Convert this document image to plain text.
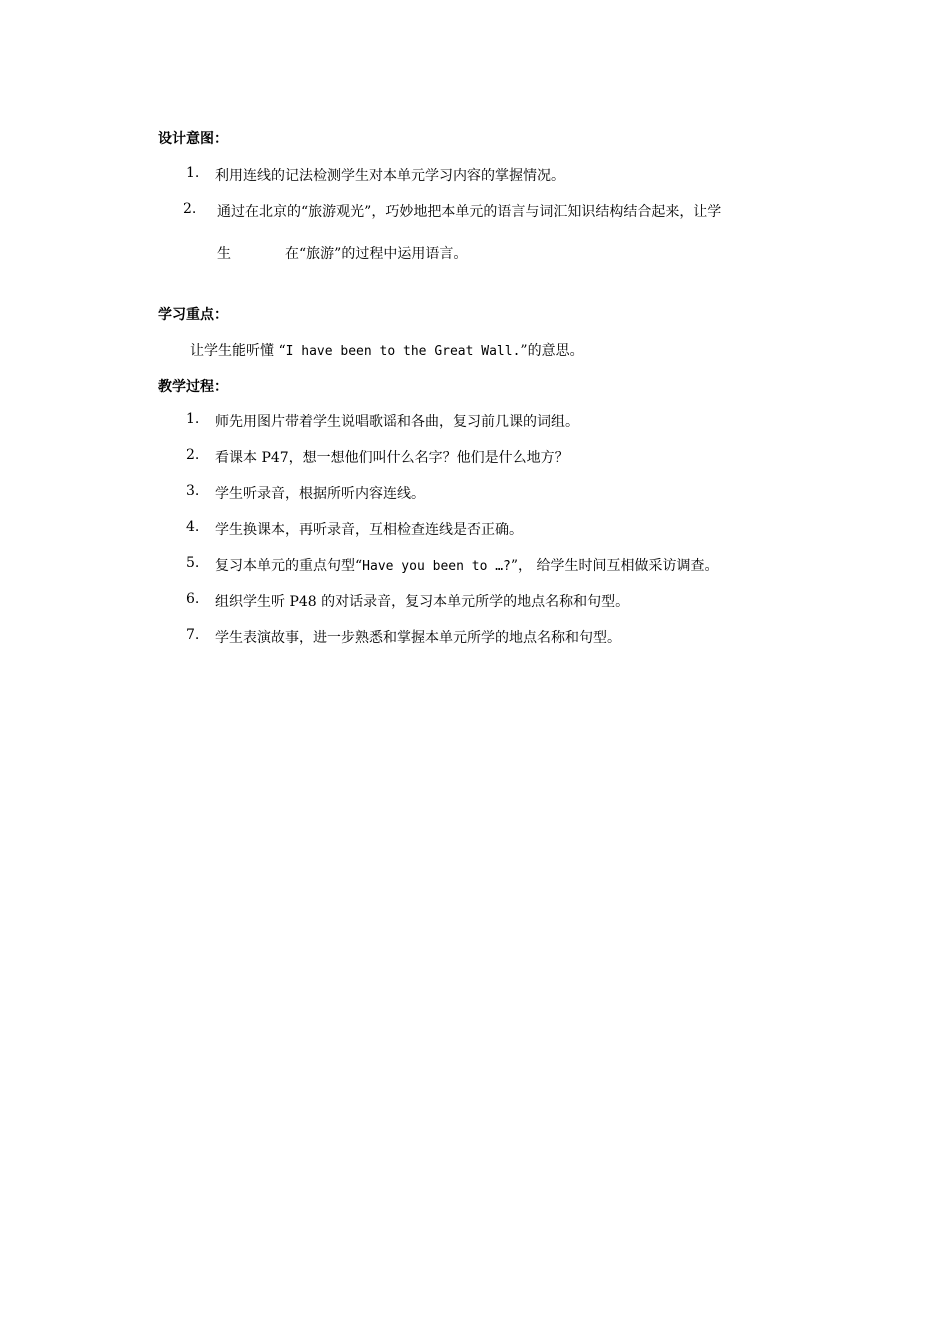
设计意图：
1. 利用连线的记法检测学生对本单元学习内容的掌握情况。
2. 通过在北京的“旅游观光”，巧妙地把本单元的语言与词汇知识结构结合起来，让学
生	在“旅游”的过程中运用语言。
学习重点：
让学生能听懂 “I have been to the Great Wall.”的意思。
教学过程：
1. 师先用图片带着学生说唱歌谣和各曲，复习前几课的词组。
2. 看课本 P47，想一想他们叫什么名字？他们是什么地方？
3. 学生听录音，根据所听内容连线。
4. 学生换课本，再听录音，互相检查连线是否正确。
5. 复习本单元的重点句型“Have you been to …?”， 给学生时间互相做采访调查。
6. 组织学生听 P48 的对话录音，复习本单元所学的地点名称和句型。
7. 学生表演故事，进一步熟悉和掌握本单元所学的地点名称和句型。
